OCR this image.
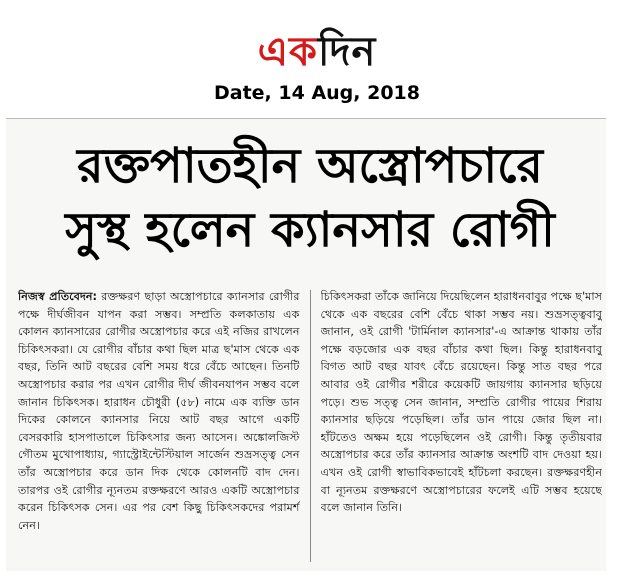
একদিন
Date, 14 Aug, 2018
রক্তপাতহীন অস্ত্রোপচারে
সুস্থ হলেন ক্যানসার রোগী
নিজস্ব প্রতিবেদন: রক্তক্ষরণ ছাড়া অস্ত্রোপচারে ক্যানসার রোগীর পক্ষে দীর্ঘজীবন যাপন করা সম্ভব। সম্প্রতি কলকাতায় এক কোলন ক্যানসারের রোগীর অস্ত্রোপচার করে এই নজির রাখলেন চিকিৎসকরা। যে রোগীর বাঁচার কথা ছিল মাত্র ছ'মাস থেকে এক বছর, তিনি আট বছরের বেশি সময় ধরে বেঁচে আছেন। তিনটি অস্ত্রোপচার করার পর এখন রোগীর দীর্ঘ জীবনযাপন সম্ভব বলে জানান চিকিৎসক। হারাধন চৌধুরী (৫৮) নামে এক ব্যক্তি ডান দিকের কোলনে ক্যানসার নিয়ে আট বছর আগে একটি বেসরকারি হাসপাতালে চিকিৎসার জন্য আসেন। অঙ্কোলজিস্ট গৌতম মুখোপাধ্যায়, গ্যাস্ট্রোইন্টেস্টিয়াল সার্জেন শুভ্রসত্ত্ব সেন তাঁর অস্ত্রোপচার করে ডান দিক থেকে কোলনটি বাদ দেন। তারপর ওই রোগীর ন্যূনতম রক্তক্ষরণে আরও একটি অস্ত্রোপচার করেন চিকিৎসক সেন। এর পর বেশ কিছু চিকিৎসকদের পরামর্শ নেন।
চিকিৎসকরা তাঁকে জানিয়ে দিয়েছিলেন হারাধনবাবুর পক্ষে ছ'মাস থেকে এক বছরের বেশি বেঁচে থাকা সম্ভব নয়। শুভ্রসত্ত্ববাবু জানান, ওই রোগী 'টার্মিনাল ক্যানসার'-এ আক্রান্ত থাকায় তাঁর পক্ষে বড়জোর এক বছর বাঁচার কথা ছিল। কিন্তু হারাধনবাবু বিগত আট বছর যাবৎ বেঁচে রয়েছেন। কিন্তু সাত বছর পরে আবার ওই রোগীর শরীরে কয়েকটি জায়গায় ক্যানসার ছড়িয়ে পড়ে। শুভ সত্ত্ব সেন জানান, সম্প্রতি রোগীর পায়ের শিরায় ক্যানসার ছড়িয়ে পড়েছিল। তাঁর ডান পায়ে জোর ছিল না। হাঁটতেও অক্ষম হয়ে পড়েছিলেন ওই রোগী। কিন্তু তৃতীয়বার অস্ত্রোপচার করে তাঁর ক্যানসার আক্রান্ত অংশটি বাদ দেওয়া হয়। এখন ওই রোগী স্বাভাবিকভাবেই হাঁটচলা করছেন। রক্তক্ষরণহীন বা ন্যূনতম রক্তক্ষরণে অস্ত্রোপচারের ফলেই এটি সম্ভব হয়েছে বলে জানান তিনি।
